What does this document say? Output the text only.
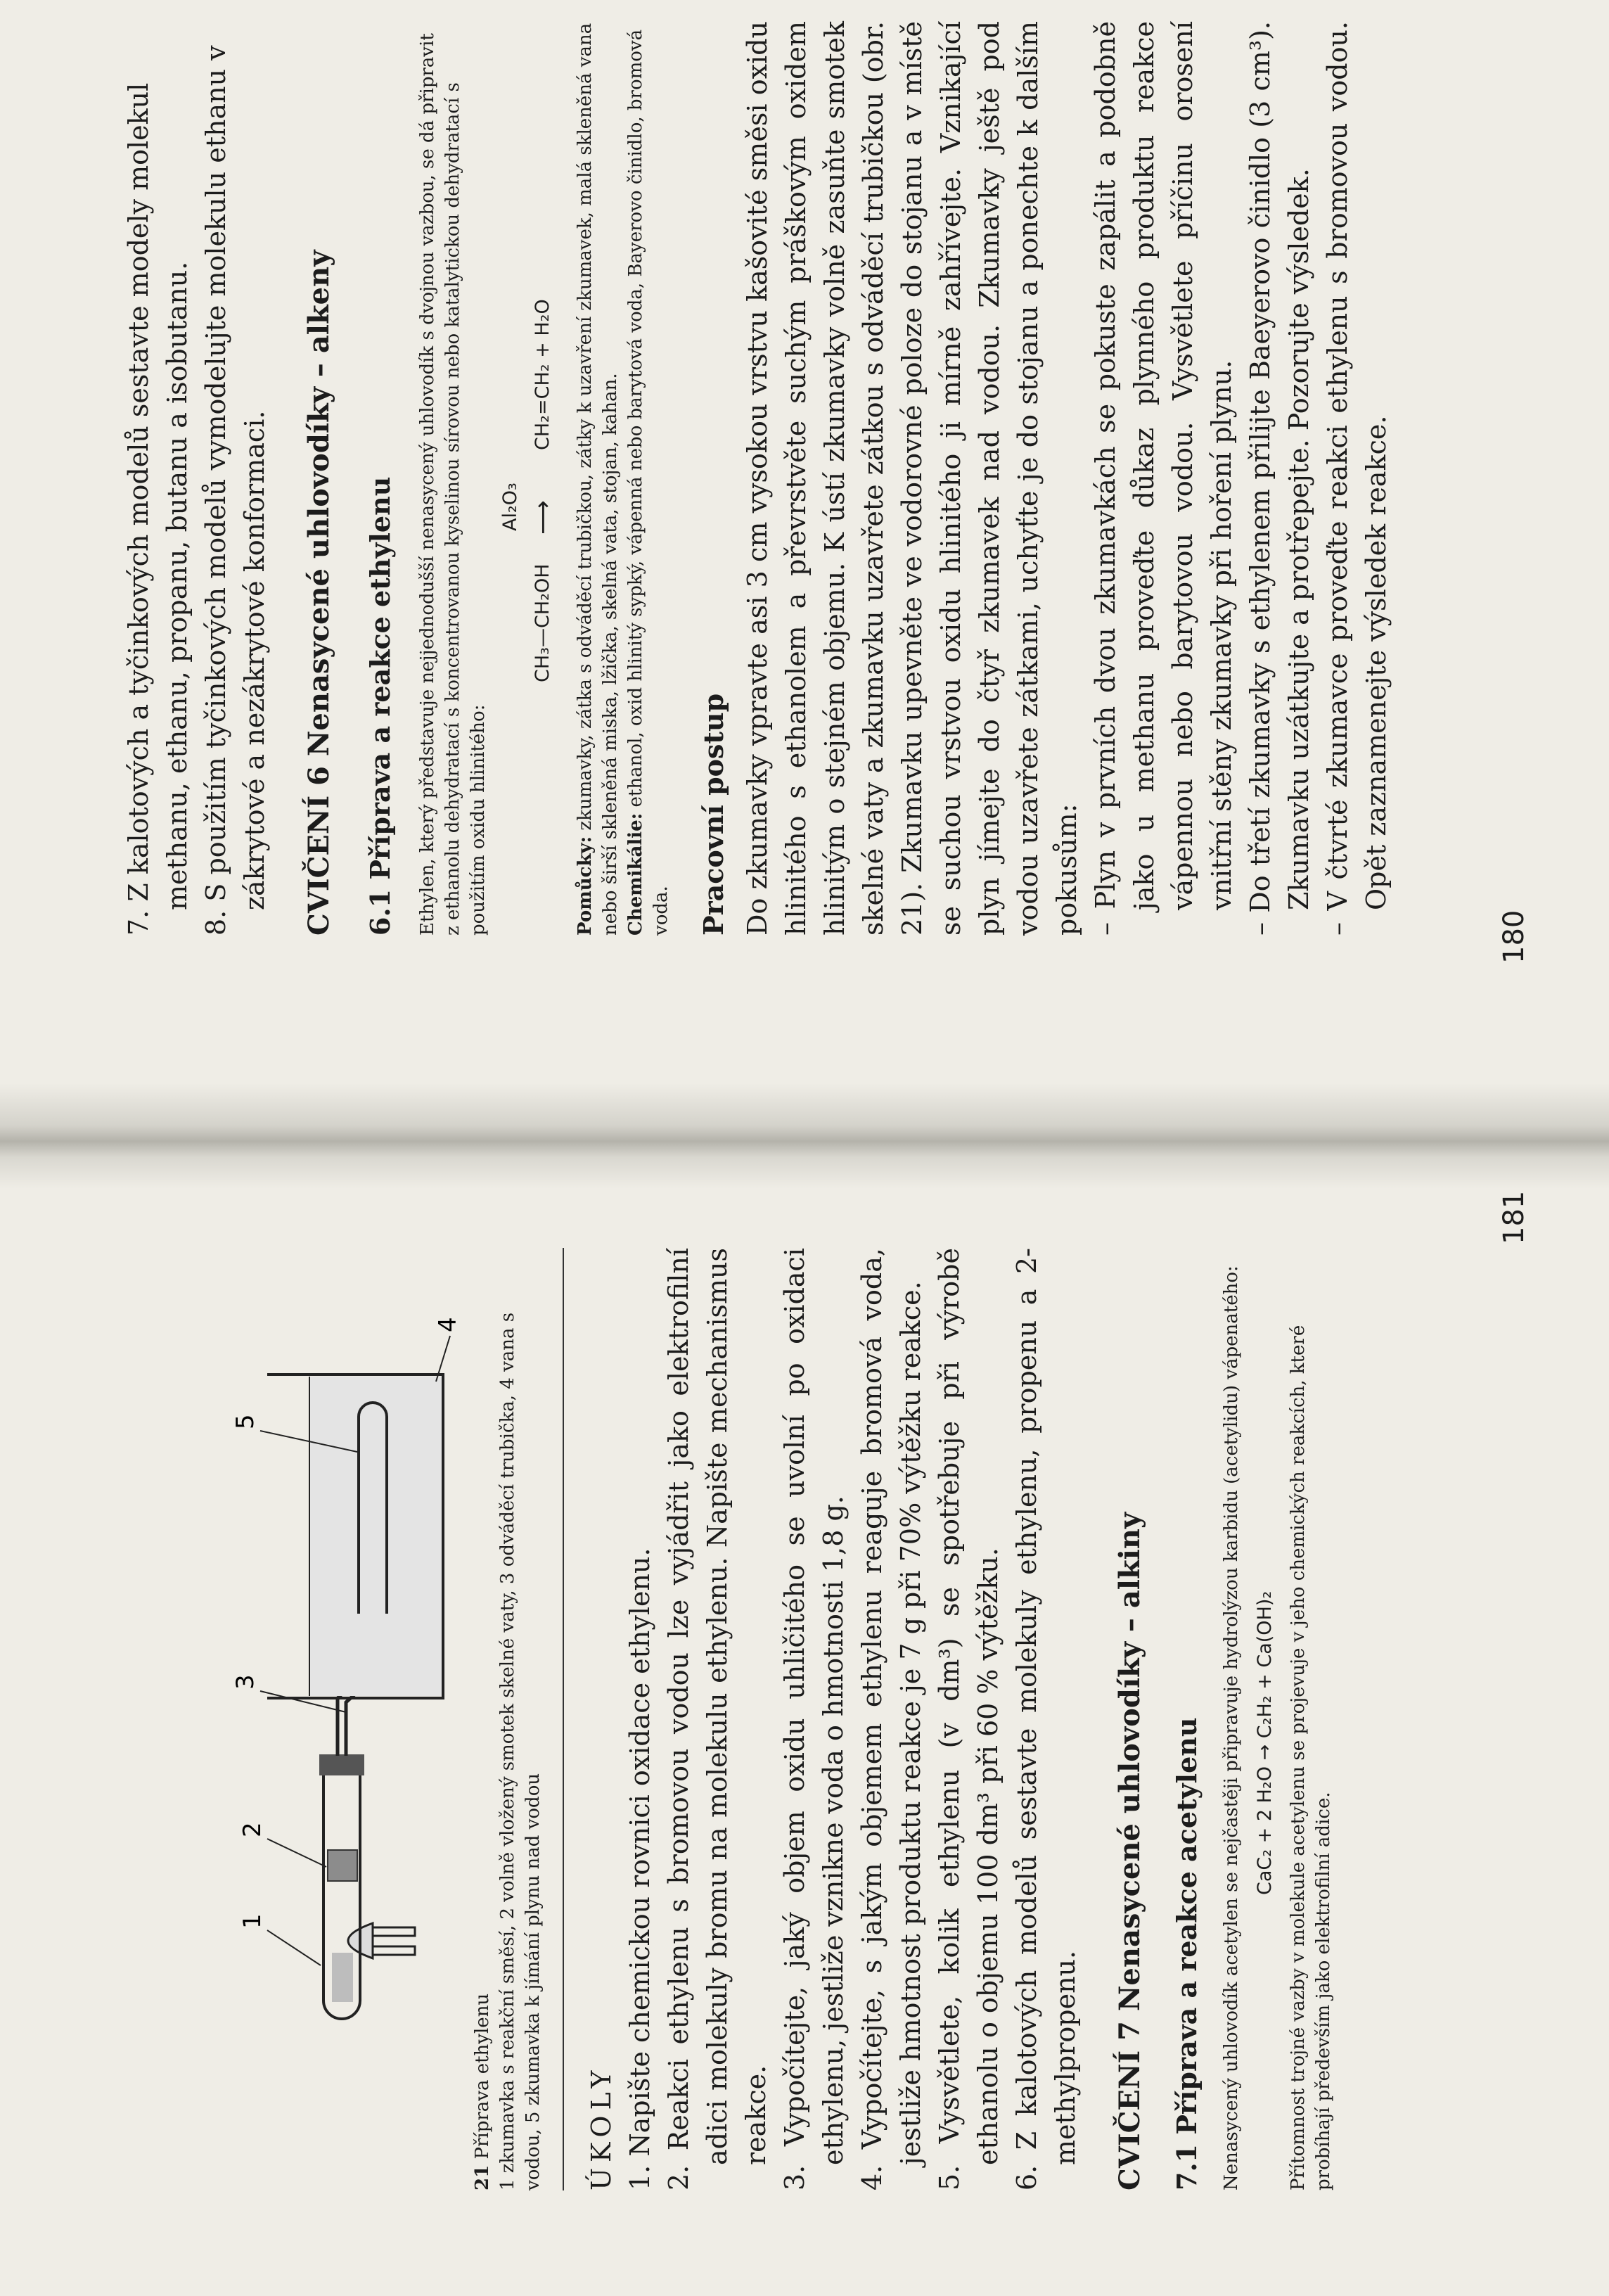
7. Z kalotových a tyčinkových modelů sestavte modely molekul methanu, ethanu, propanu, butanu a isobutanu. 8. S použitím tyčinkových modelů vymodelujte molekulu ethanu v zákrytové a nezákrytové konformaci. CVIČENÍ 6 Nenasycené uhlovodíky – alkeny 6.1 Příprava a reakce ethylenu Ethylen, který představuje nejjednodušší nenasycený uhlovodík s dvojnou vazbou, se dá připravit z ethanolu dehydratací s koncentrovanou kyselinou sírovou nebo katalytickou dehydratací s použitím oxidu hlinitého:

Al₂O₃
CH₃—CH₂OH
⟶
CH₂=CH₂ + H₂O

Pomůcky: zkumavky, zátka s odváděcí trubičkou, zátky k uzavření zkumavek, malá skleněná vana nebo širší skleněná miska, lžička, skelná vata, stojan, kahan. Chemikálie: ethanol, oxid hlinitý sypký, vápenná nebo barytová voda, Bayerovo činidlo, bromová voda. Pracovní postup Do zkumavky vpravte asi 3 cm vysokou vrstvu kašovité směsi oxidu hlinitého s ethanolem a převrstvěte suchým práškovým oxidem hlinitým o stejném objemu. K ústí zkumavky volně zasuňte smotek skelné vaty a zkumavku uzavřete zátkou s odváděcí trubičkou (obr. 21). Zkumavku upevněte ve vodorovné poloze do stojanu a v místě se suchou vrstvou oxidu hlinitého ji mírně zahřívejte. Vznikající plyn jímejte do čtyř zkumavek nad vodou. Zkumavky ještě pod vodou uzavřete zátkami, uchyťte je do stojanu a ponechte k dalším pokusům: – Plyn v prvních dvou zkumavkách se pokuste zapálit a podobně jako u methanu proveďte důkaz plynného produktu reakce vápennou nebo barytovou vodou. Vysvětlete příčinu orosení vnitřní stěny zkumavky při hoření plynu. – Do třetí zkumavky s ethylenem přilijte Baeyerovo činidlo (3 cm³). Zkumavku uzátkujte a protřepejte. Pozorujte výsledek. – V čtvrté zkumavce proveďte reakci ethylenu s bromovou vodou. Opět zaznamenejte výsledek reakce.

180
1
2
3
4
5

21 Příprava ethylenu 1 zkumavka s reakční směsí, 2 volně vložený smotek skelné vaty, 3 odváděcí trubička, 4 vana s vodou, 5 zkumavka k jímání plynu nad vodou ÚKOLY 1. Napište chemickou rovnici oxidace ethylenu. 2. Reakci ethylenu s bromovou vodou lze vyjádřit jako elektrofilní adici molekuly bromu na molekulu ethylenu. Napište mechanismus reakce. 3. Vypočítejte, jaký objem oxidu uhličitého se uvolní po oxidaci ethylenu, jestliže vznikne voda o hmotnosti 1,8 g. 4. Vypočítejte, s jakým objemem ethylenu reaguje bromová voda, jestliže hmotnost produktu reakce je 7 g při 70% výtěžku reakce. 5. Vysvětlete, kolik ethylenu (v dm³) se spotřebuje při výrobě ethanolu o objemu 100 dm³ při 60 % výtěžku. 6. Z kalotových modelů sestavte molekuly ethylenu, propenu a 2-methylpropenu. CVIČENÍ 7 Nenasycené uhlovodíky – alkiny 7.1 Příprava a reakce acetylenu Nenasycený uhlovodík acetylen se nejčastěji připravuje hydrolýzou karbidu (acetylidu) vápenatého: CaC₂ + 2 H₂O → C₂H₂ + Ca(OH)₂ Přítomnost trojné vazby v molekule acetylenu se projevuje v jeho chemických reakcích, které probíhají především jako elektrofilní adice.

181
